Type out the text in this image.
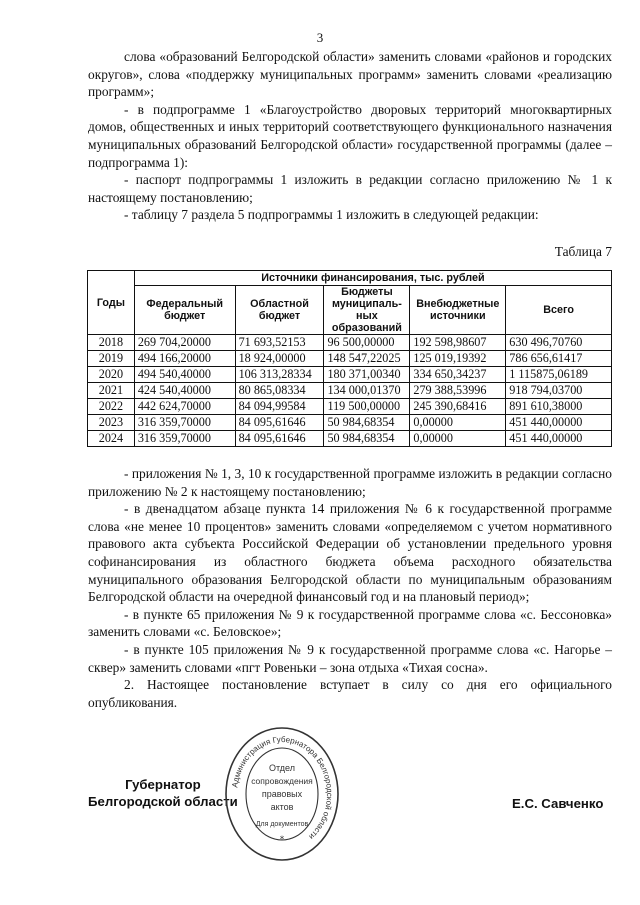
3

слова «образований Белгородской области» заменить словами «районов и городских округов», слова «поддержку муниципальных программ» заменить словами «реализацию программ»;

- в подпрограмме 1 «Благоустройство дворовых территорий многоквартирных домов, общественных и иных территорий соответствующего функционального назначения муниципальных образований Белгородской области» государственной программы (далее – подпрограмма 1):

- паспорт подпрограммы 1 изложить в редакции согласно приложению № 1 к настоящему постановлению;

- таблицу 7 раздела 5 подпрограммы 1 изложить в следующей редакции:

Таблица 7
Годы	Источники финансирования, тыс. рублей				
	Федеральный бюджет	Областной бюджет	Бюджеты муниципаль-ных образований	Внебюджетные источники	Всего
2018	269 704,20000	71 693,52153	96 500,00000	192 598,98607	630 496,70760
2019	494 166,20000	18 924,00000	148 547,22025	125 019,19392	786 656,61417
2020	494 540,40000	106 313,28334	180 371,00340	334 650,34237	1 115875,06189
2021	424 540,40000	80 865,08334	134 000,01370	279 388,53996	918 794,03700
2022	442 624,70000	84 094,99584	119 500,00000	245 390,68416	891 610,38000
2023	316 359,70000	84 095,61646	50 984,68354	0,00000	451 440,00000
2024	316 359,70000	84 095,61646	50 984,68354	0,00000	451 440,00000

- приложения № 1, 3, 10 к государственной программе изложить в редакции согласно приложению № 2 к настоящему постановлению;

- в двенадцатом абзаце пункта 14 приложения № 6 к государственной программе слова «не менее 10 процентов» заменить словами «определяемом с учетом нормативного правового акта субъекта Российской Федерации об установлении предельного уровня софинансирования из областного бюджета объема расходного обязательства муниципального образования Белгородской области по муниципальным образованиям Белгородской области на очередной финансовый год и на плановый период»;

- в пункте 65 приложения № 9 к государственной программе слова «с. Бессоновка» заменить словами «с. Беловское»;

- в пункте 105 приложения № 9 к государственной программе слова «с. Нагорье – сквер» заменить словами «пгт Ровеньки – зона отдыха «Тихая сосна».

2. Настоящее постановление вступает в силу со дня его официального опубликования.

Губернатор
Белгородской области	Е.С. Савченко
Администрация Губернатора Белгородской области
Отдел
сопровождения
правовых
актов
Для документов
*
